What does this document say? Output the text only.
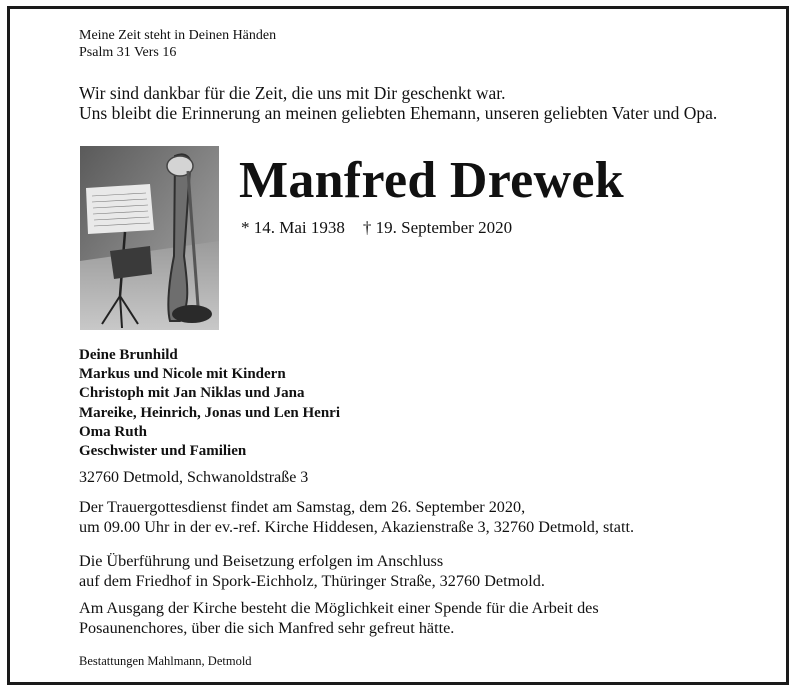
Meine Zeit steht in Deinen Händen
Psalm 31 Vers 16
Wir sind dankbar für die Zeit, die uns mit Dir geschenkt war.
Uns bleibt die Erinnerung an meinen geliebten Ehemann, unseren geliebten Vater und Opa.
Manfred Drewek
* 14. Mai 1938 † 19. September 2020
Deine Brunhild
Markus und Nicole mit Kindern
Christoph mit Jan Niklas und Jana
Mareike, Heinrich, Jonas und Len Henri
Oma Ruth
Geschwister und Familien
32760 Detmold, Schwanoldstraße 3
Der Trauergottesdienst findet am Samstag, dem 26. September 2020,
um 09.00 Uhr in der ev.-ref. Kirche Hiddesen, Akazienstraße 3, 32760 Detmold, statt.
Die Überführung und Beisetzung erfolgen im Anschluss
auf dem Friedhof in Spork-Eichholz, Thüringer Straße, 32760 Detmold.
Am Ausgang der Kirche besteht die Möglichkeit einer Spende für die Arbeit des
Posaunenchores, über die sich Manfred sehr gefreut hätte.
Bestattungen Mahlmann, Detmold
